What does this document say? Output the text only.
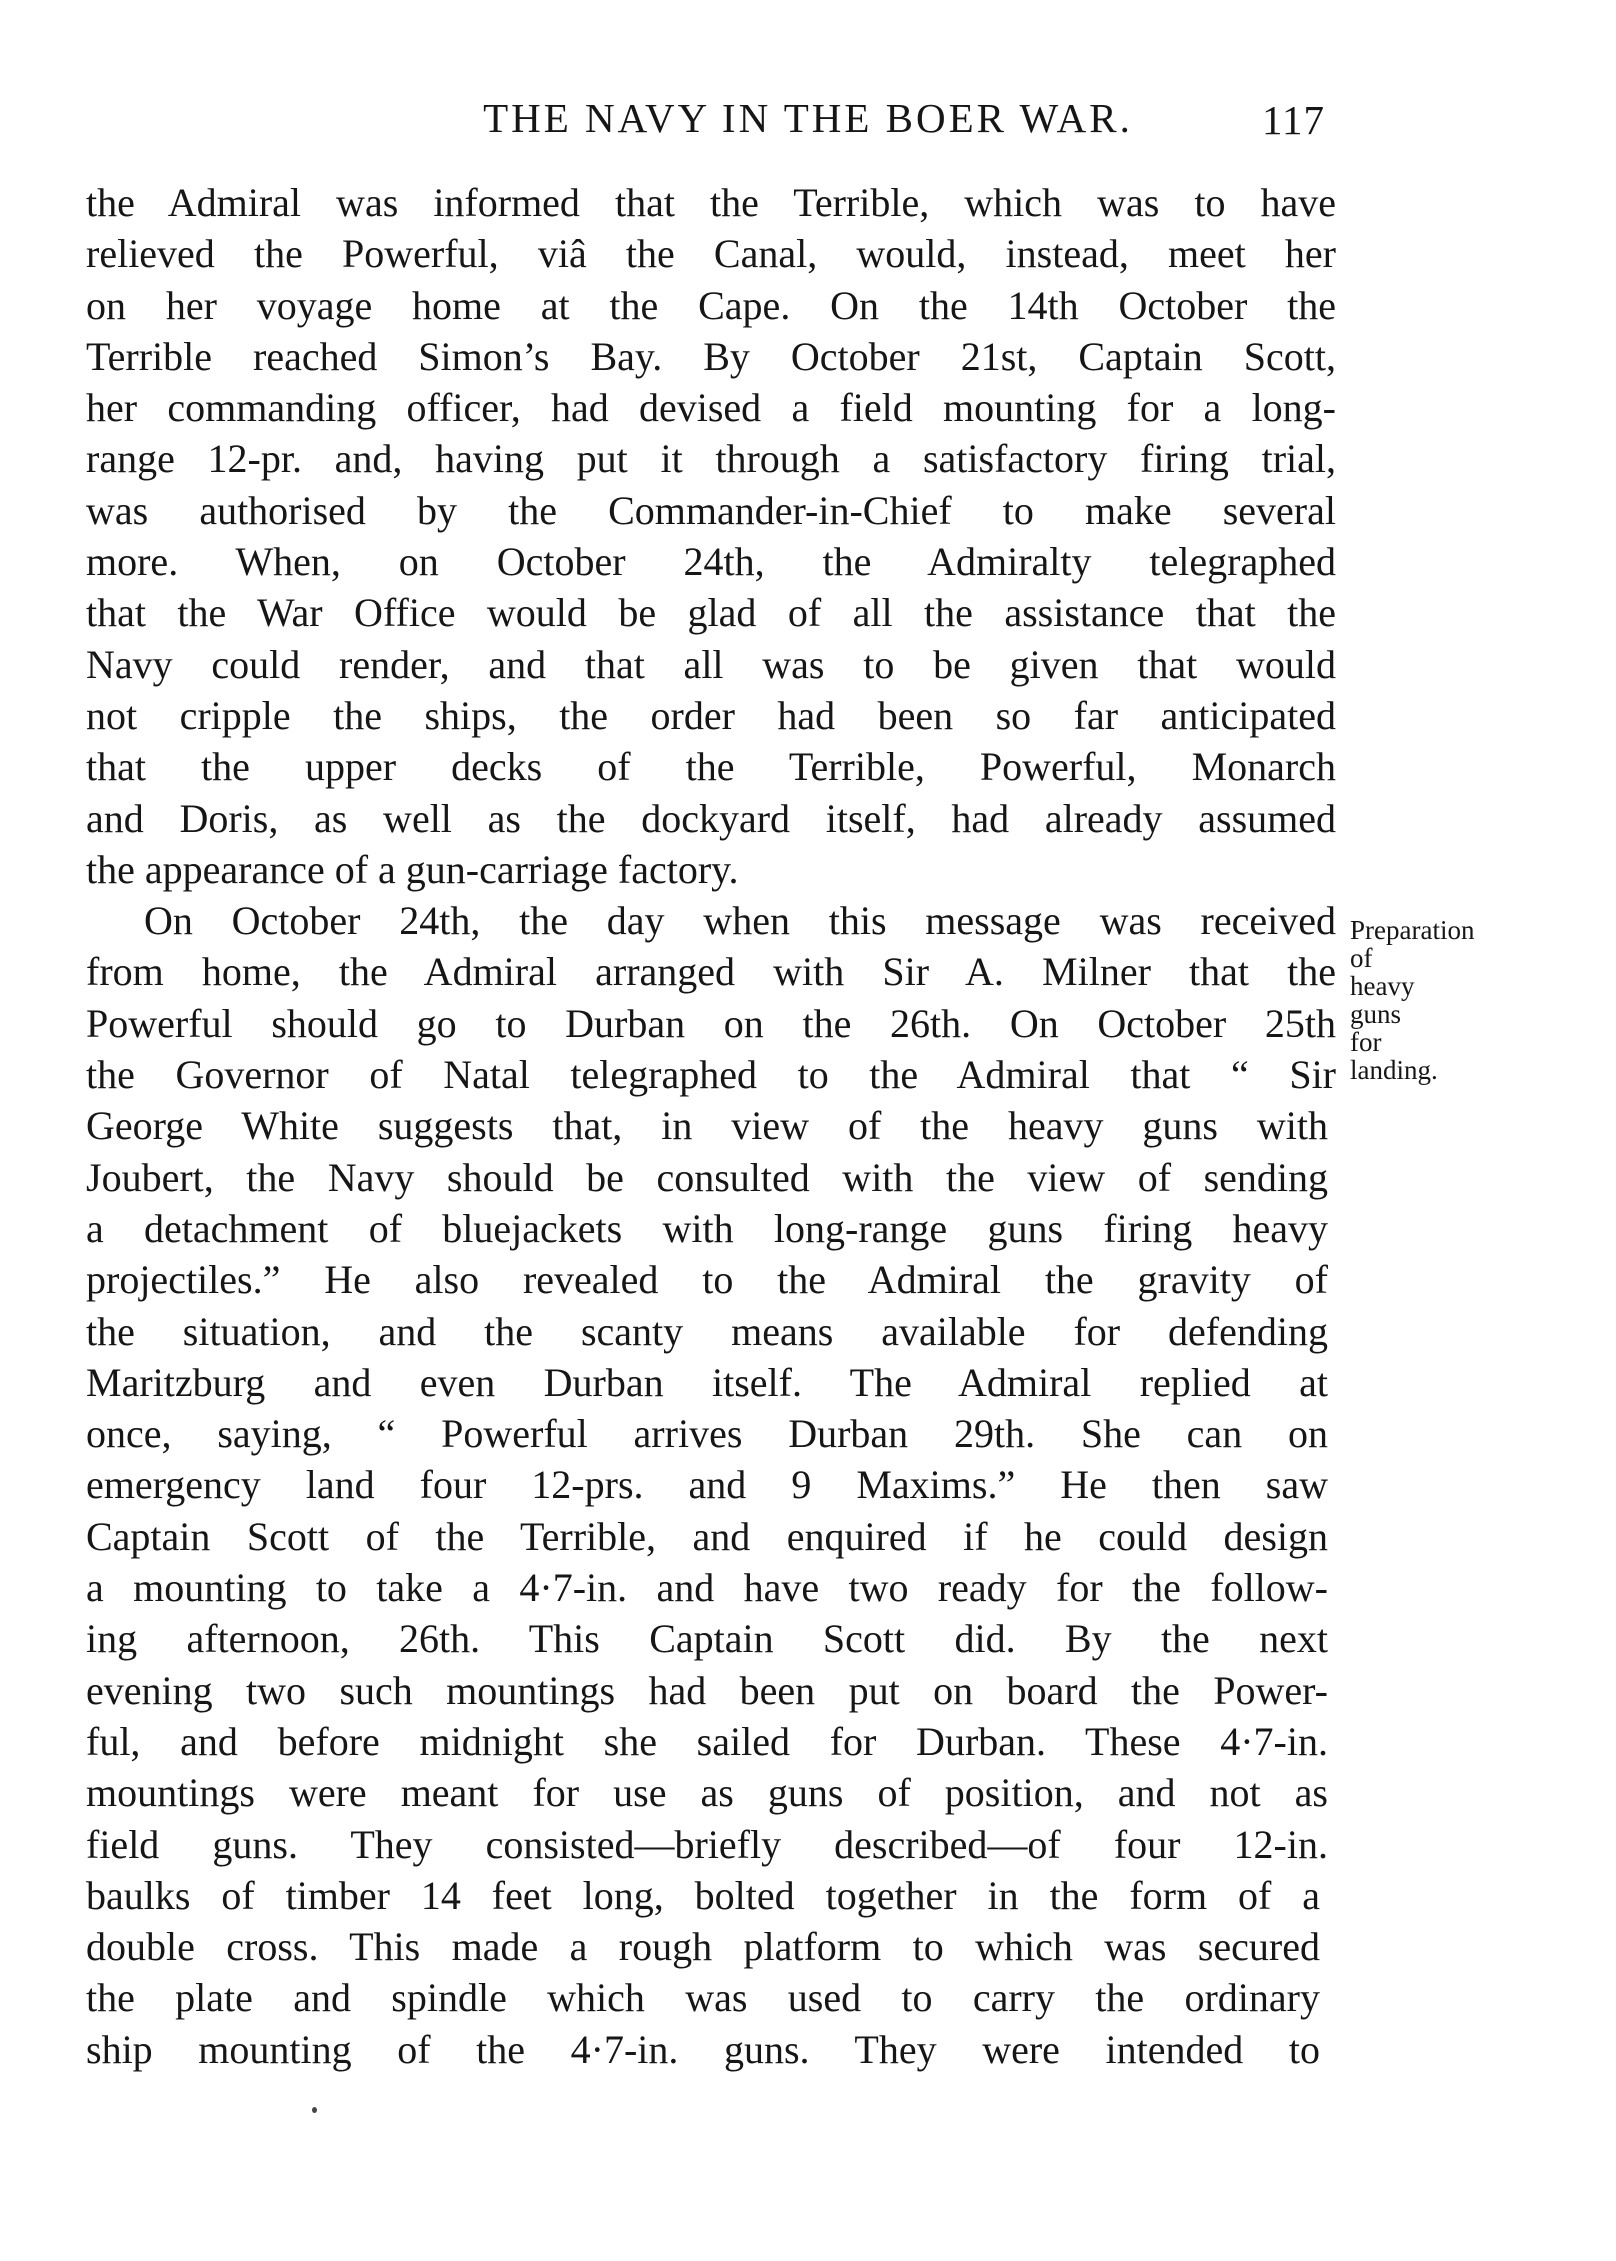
THE NAVY IN THE BOER WAR.	117
the Admiral was informed that the Terrible, which was to have
relieved the Powerful, viâ the Canal, would, instead, meet her
on her voyage home at the Cape. On the 14th October the
Terrible reached Simon’s Bay. By October 21st, Captain Scott,
her commanding officer, had devised a field mounting for a long-
range 12-pr. and, having put it through a satisfactory firing trial,
was authorised by the Commander-in-Chief to make several
more. When, on October 24th, the Admiralty telegraphed
that the War Office would be glad of all the assistance that the
Navy could render, and that all was to be given that would
not cripple the ships, the order had been so far anticipated
that the upper decks of the Terrible, Powerful, Monarch
and Doris, as well as the dockyard itself, had already assumed
the appearance of a gun-carriage factory.
On October 24th, the day when this message was received
from home, the Admiral arranged with Sir A. Milner that the
Powerful should go to Durban on the 26th. On October 25th
the Governor of Natal telegraphed to the Admiral that “ Sir
George White suggests that, in view of the heavy guns with
Joubert, the Navy should be consulted with the view of sending
a detachment of bluejackets with long-range guns firing heavy
projectiles.” He also revealed to the Admiral the gravity of
the situation, and the scanty means available for defending
Maritzburg and even Durban itself. The Admiral replied at
once, saying, “ Powerful arrives Durban 29th. She can on
emergency land four 12-prs. and 9 Maxims.” He then saw
Captain Scott of the Terrible, and enquired if he could design
a mounting to take a 4·7-in. and have two ready for the follow-
ing afternoon, 26th. This Captain Scott did. By the next
evening two such mountings had been put on board the Power-
ful, and before midnight she sailed for Durban. These 4·7-in.
mountings were meant for use as guns of position, and not as
field guns. They consisted—briefly described—of four 12-in.
baulks of timber 14 feet long, bolted together in the form of a
double cross. This made a rough platform to which was secured
the plate and spindle which was used to carry the ordinary
ship mounting of the 4·7-in. guns. They were intended to
Preparation
of
heavy
guns
for
landing.
